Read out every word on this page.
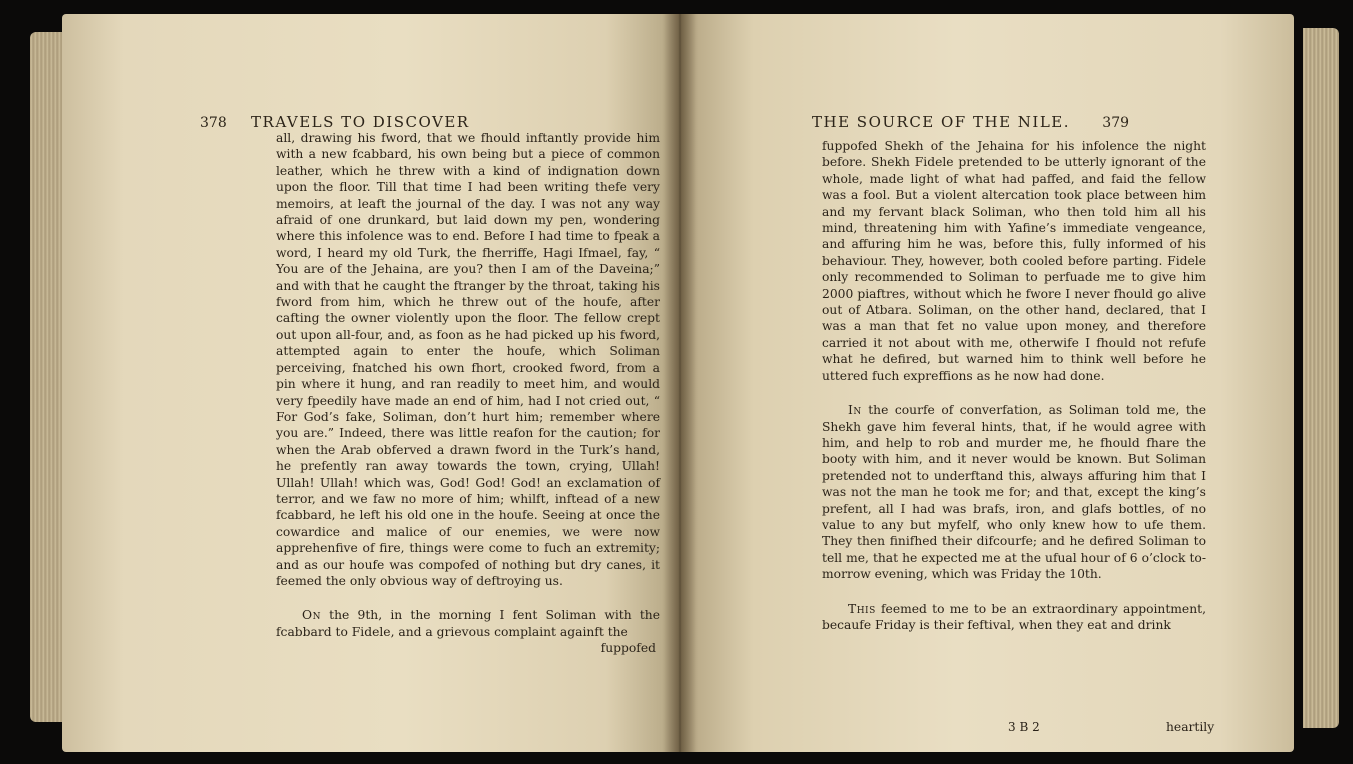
378 TRAVELS TO DISCOVER	THE SOURCE OF THE NILE. 379

all, drawing his fword, that we fhould inftantly provide him with a new fcabbard, his own being but a piece of common leather, which he threw with a kind of indignation down upon the floor. Till that time I had been writing thefe very memoirs, at leaft the journal of the day. I was not any way afraid of one drunkard, but laid down my pen, wondering where this infolence was to end. Before I had time to fpeak a word, I heard my old Turk, the fherriffe, Hagi Ifmael, fay, “ You are of the Jehaina, are you? then I am of the Daveina;” and with that he caught the ftranger by the throat, taking his fword from him, which he threw out of the houfe, after cafting the owner violently upon the floor. The fellow crept out upon all-four, and, as foon as he had picked up his fword, attempted again to enter the houfe, which Soliman perceiving, fnatched his own fhort, crooked fword, from a pin where it hung, and ran readily to meet him, and would very fpeedily have made an end of him, had I not cried out, “ For God’s fake, Soliman, don’t hurt him; remember where you are.” Indeed, there was little reafon for the caution; for when the Arab obferved a drawn fword in the Turk’s hand, he prefently ran away towards the town, crying, Ullah! Ullah! Ullah! which was, God! God! God! an exclamation of terror, and we faw no more of him; whilft, inftead of a new fcabbard, he left his old one in the houfe. Seeing at once the cowardice and malice of our enemies, we were now apprehenfive of fire, things were come to fuch an extremity; and as our houfe was compofed of nothing but dry canes, it feemed the only obvious way of deftroying us.

On the 9th, in the morning I fent Soliman with the fcabbard to Fidele, and a grievous complaint againft the

fuppofed

fuppofed Shekh of the Jehaina for his infolence the night before. Shekh Fidele pretended to be utterly ignorant of the whole, made light of what had paffed, and faid the fellow was a fool. But a violent altercation took place between him and my fervant black Soliman, who then told him all his mind, threatening him with Yafine’s immediate vengeance, and affuring him he was, before this, fully informed of his behaviour. They, however, both cooled before parting. Fidele only recommended to Soliman to perfuade me to give him 2000 piaftres, without which he fwore I never fhould go alive out of Atbara. Soliman, on the other hand, declared, that I was a man that fet no value upon money, and therefore carried it not about with me, otherwife I fhould not refufe what he defired, but warned him to think well before he uttered fuch expreffions as he now had done.

In the courfe of converfation, as Soliman told me, the Shekh gave him feveral hints, that, if he would agree with him, and help to rob and murder me, he fhould fhare the booty with him, and it never would be known. But Soliman pretended not to underftand this, always affuring him that I was not the man he took me for; and that, except the king’s prefent, all I had was brafs, iron, and glafs bottles, of no value to any but myfelf, who only knew how to ufe them. They then finifhed their difcourfe; and he defired Soliman to tell me, that he expected me at the ufual hour of 6 o’clock to-morrow evening, which was Friday the 10th.

This feemed to me to be an extraordinary appointment, becaufe Friday is their feftival, when they eat and drink

3 B 2	heartily
